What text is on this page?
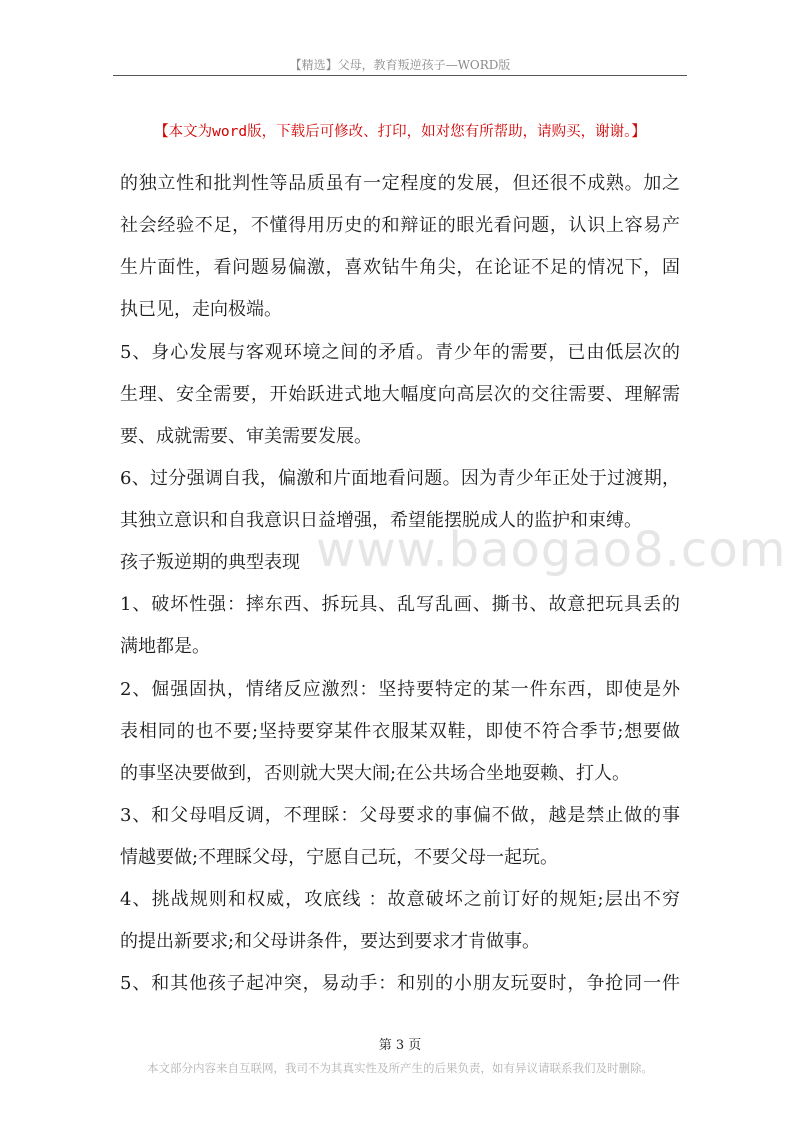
【精选】父母，教育叛逆孩子—WORD版
【本文为word版，下载后可修改、打印，如对您有所帮助，请购买，谢谢。】
www.baogao8.com
的独立性和批判性等品质虽有一定程度的发展，但还很不成熟。加之
社会经验不足，不懂得用历史的和辩证的眼光看问题，认识上容易产
生片面性，看问题易偏激，喜欢钻牛角尖，在论证不足的情况下，固
执已见，走向极端。
5、身心发展与客观环境之间的矛盾。青少年的需要，已由低层次的
生理、安全需要，开始跃进式地大幅度向高层次的交往需要、理解需
要、成就需要、审美需要发展。
6、过分强调自我，偏激和片面地看问题。因为青少年正处于过渡期，
其独立意识和自我意识日益增强，希望能摆脱成人的监护和束缚。
孩子叛逆期的典型表现
1、破坏性强：摔东西、拆玩具、乱写乱画、撕书、故意把玩具丢的
满地都是。
2、倔强固执，情绪反应激烈：坚持要特定的某一件东西，即使是外
表相同的也不要;坚持要穿某件衣服某双鞋，即使不符合季节;想要做
的事坚决要做到，否则就大哭大闹;在公共场合坐地耍赖、打人。
3、和父母唱反调，不理睬：父母要求的事偏不做，越是禁止做的事
情越要做;不理睬父母，宁愿自己玩，不要父母一起玩。
4、挑战规则和权威，攻底线 ：故意破坏之前订好的规矩;层出不穷
的提出新要求;和父母讲条件，要达到要求才肯做事。
5、和其他孩子起冲突，易动手：和别的小朋友玩耍时，争抢同一件
第 3 页
本文部分内容来自互联网，我司不为其真实性及所产生的后果负责，如有异议请联系我们及时删除。
